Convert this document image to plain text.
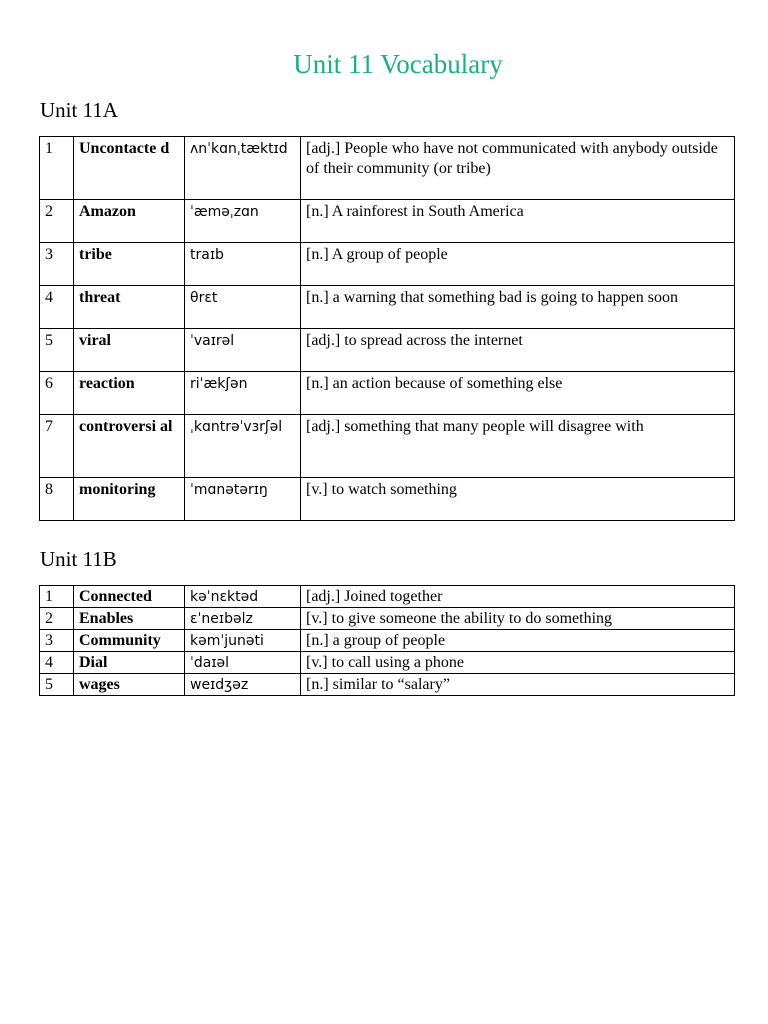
Unit 11 Vocabulary
Unit 11A
1	Uncontacte d	ʌnˈkɑnˌtæktɪd	[adj.] People who have not communicated with anybody outside of their community (or tribe)
2	Amazon	ˈæməˌzɑn	[n.] A rainforest in South America
3	tribe	traɪb	[n.] A group of people
4	threat	θrɛt	[n.] a warning that something bad is going to happen soon
5	viral	ˈvaɪrəl	[adj.] to spread across the internet
6	reaction	riˈækʃən	[n.] an action because of something else
7	controversi al	ˌkɑntrəˈvɜrʃəl	[adj.] something that many people will disagree with
8	monitoring	ˈmɑnətərɪŋ	[v.] to watch something
Unit 11B
1	Connected	kəˈnɛktəd	[adj.] Joined together
2	Enables	ɛˈneɪbəlz	[v.] to give someone the ability to do something
3	Community	kəmˈjunəti	[n.] a group of people
4	Dial	ˈdaɪəl	[v.] to call using a phone
5	wages	weɪdʒəz	[n.] similar to “salary”
